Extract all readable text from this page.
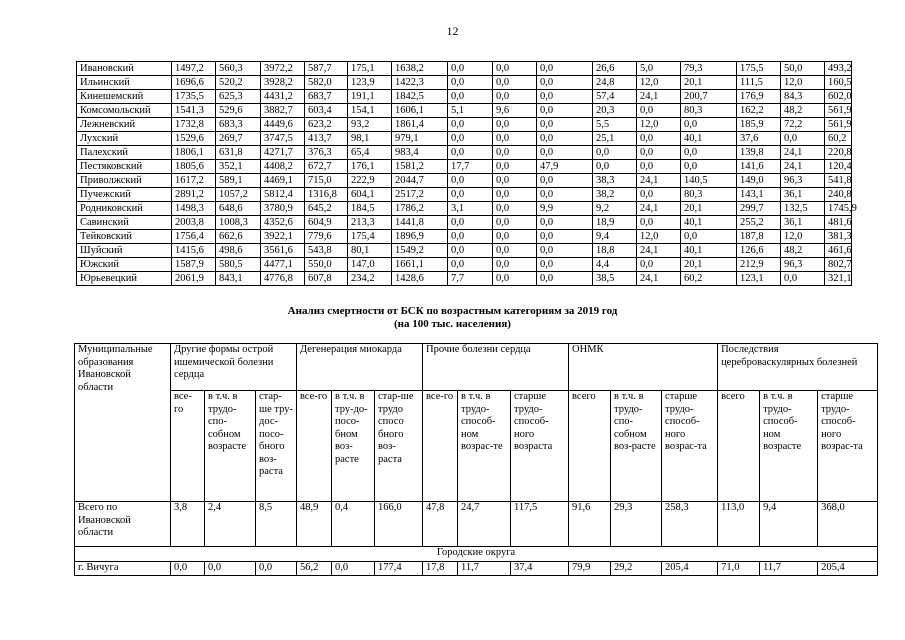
12
Ивановский	1497,2	560,3	3972,2	587,7	175,1	1638,2	0,0	0,0	0,0	26,6	5,0	79,3	175,5	50,0	493,2
Ильинский	1696,6	520,2	3928,2	582,0	123,9	1422,3	0,0	0,0	0,0	24,8	12,0	20,1	111,5	12,0	160,5
Кинешемский	1735,5	625,3	4431,2	683,7	191,1	1842,5	0,0	0,0	0,0	57,4	24,1	200,7	176,9	84,3	602,0
Комсомольский	1541,3	529,6	3882,7	603,4	154,1	1606,1	5,1	9,6	0,0	20,3	0,0	80,3	162,2	48,2	561,9
Лежневский	1732,8	683,3	4449,6	623,2	93,2	1861,4	0,0	0,0	0,0	5,5	12,0	0,0	185,9	72,2	561,9
Лухский	1529,6	269,7	3747,5	413,7	98,1	979,1	0,0	0,0	0,0	25,1	0,0	40,1	37,6	0,0	60,2
Палехский	1806,1	631,8	4271,7	376,3	65,4	983,4	0,0	0,0	0,0	0,0	0,0	0,0	139,8	24,1	220,8
Пестяковский	1805,6	352,1	4408,2	672,7	176,1	1581,2	17,7	0,0	47,9	0,0	0,0	0,0	141,6	24,1	120,4
Приволжский	1617,2	589,1	4469,1	715,0	222,9	2044,7	0,0	0,0	0,0	38,3	24,1	140,5	149,0	96,3	541,8
Пучежский	2891,2	1057,2	5812,4	1316,8	604,1	2517,2	0,0	0,0	0,0	38,2	0,0	80,3	143,1	36,1	240,8
Родниковский	1498,3	648,6	3780,9	645,2	184,5	1786,2	3,1	0,0	9,9	9,2	24,1	20,1	299,7	132,5	1745,9
Савинский	2003,8	1008,3	4352,6	604,9	213,3	1441,8	0,0	0,0	0,0	18,9	0,0	40,1	255,2	36,1	481,6
Тейковский	1756,4	662,6	3922,1	779,6	175,4	1896,9	0,0	0,0	0,0	9,4	12,0	0,0	187,8	12,0	381,3
Шуйский	1415,6	498,6	3561,6	543,8	80,1	1549,2	0,0	0,0	0,0	18,8	24,1	40,1	126,6	48,2	461,6
Южский	1587,9	580,5	4477,1	550,0	147,0	1661,1	0,0	0,0	0,0	4,4	0,0	20,1	212,9	96,3	802,7
Юрьевецкий	2061,9	843,1	4776,8	607,8	234,2	1428,6	7,7	0,0	0,0	38,5	24,1	60,2	123,1	0,0	321,1
Анализ смертности от БСК по возрастным категориям за 2019 год
(на 100 тыс. населения)
Муниципальные образования Ивановской области	Другие формы острой ишемической болезни сердца			Дегенерация миокарда			Прочие болезни сердца			ОНМК			Последствия цереброваскулярных болезней		
	все-го	в т.ч. в трудо-спо-собном возрасте	стар-ше тру-дос-посо-бного воз-раста	все-го	в т.ч. в тру-до-посо-бном воз-расте	стар-ше трудо спосо бного воз-раста	все-го	в т.ч. в трудо-способ-ном возрас-те	старше трудо-способ-ного возраста	всего	в т.ч. в трудо-спо-собном воз-расте	старше трудо-способ-ного возрас-та	всего	в т.ч. в трудо-способ-ном возрасте	старше трудо-способ-ного возрас-та
Всего по Ивановской области	3,8	2,4	8,5	48,9	0,4	166,0	47,8	24,7	117,5	91,6	29,3	258,3	113,0	9,4	368,0
Городские округа															
г. Вичуга	0,0	0,0	0,0	56,2	0,0	177,4	17,8	11,7	37,4	79,9	29,2	205,4	71,0	11,7	205,4
